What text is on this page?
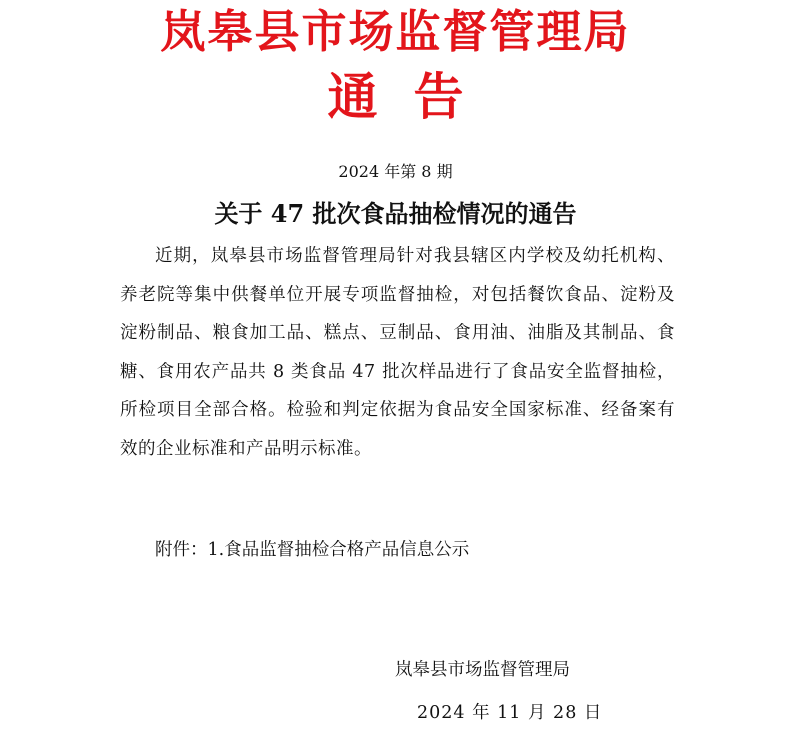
岚皋县市场监督管理局
通告
2024 年第 8 期
关于 47 批次食品抽检情况的通告
近期，岚皋县市场监督管理局针对我县辖区内学校及幼托机构、养老院等集中供餐单位开展专项监督抽检，对包括餐饮食品、淀粉及淀粉制品、粮食加工品、糕点、豆制品、食用油、油脂及其制品、食糖、食用农产品共 8 类食品 47 批次样品进行了食品安全监督抽检，所检项目全部合格。检验和判定依据为食品安全国家标准、经备案有效的企业标准和产品明示标准。
附件：1.食品监督抽检合格产品信息公示
岚皋县市场监督管理局
2024 年 11 月 28 日
